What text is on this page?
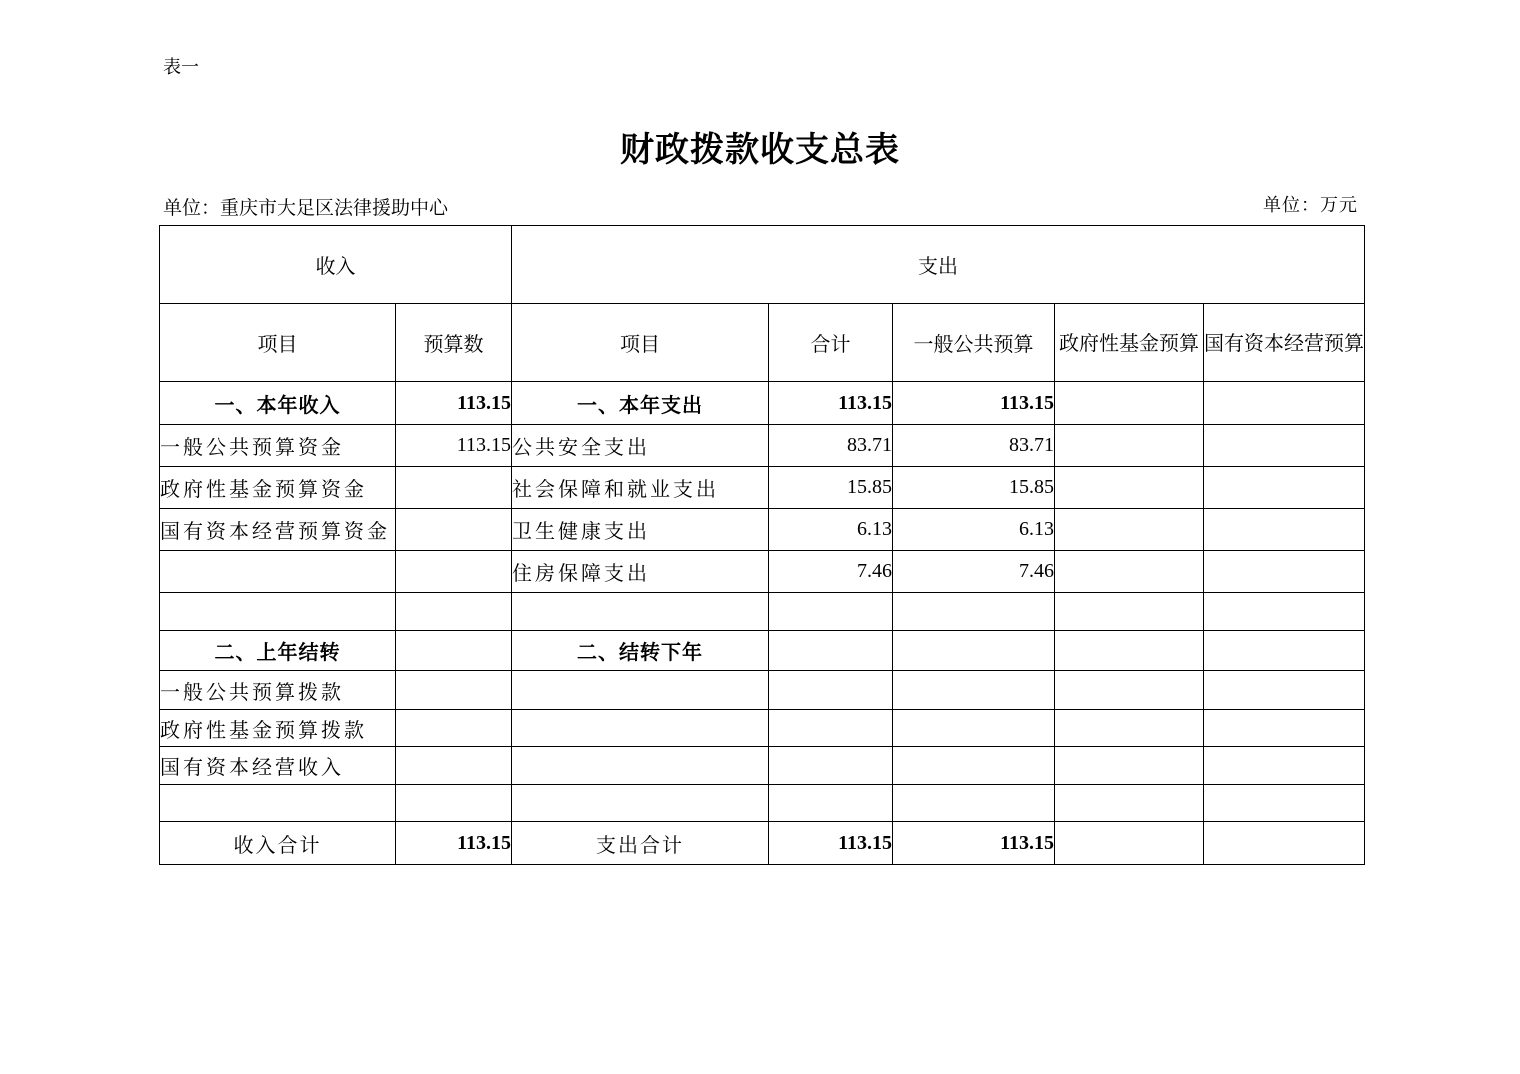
表一
财政拨款收支总表
单位：重庆市大足区法律援助中心	单位：万元
收入		支出				
项目	预算数	项目	合计	一般公共预算	政府性基金预算	国有资本经营预算
一、本年收入	113.15	一、本年支出	113.15	113.15		
一般公共预算资金	113.15	公共安全支出	83.71	83.71		
政府性基金预算资金		社会保障和就业支出	15.85	15.85		
国有资本经营预算资金		卫生健康支出	6.13	6.13		
		住房保障支出	7.46	7.46		

二、上年结转		二、结转下年				
一般公共预算拨款						
政府性基金预算拨款						
国有资本经营收入						

收入合计	113.15	支出合计	113.15	113.15		
